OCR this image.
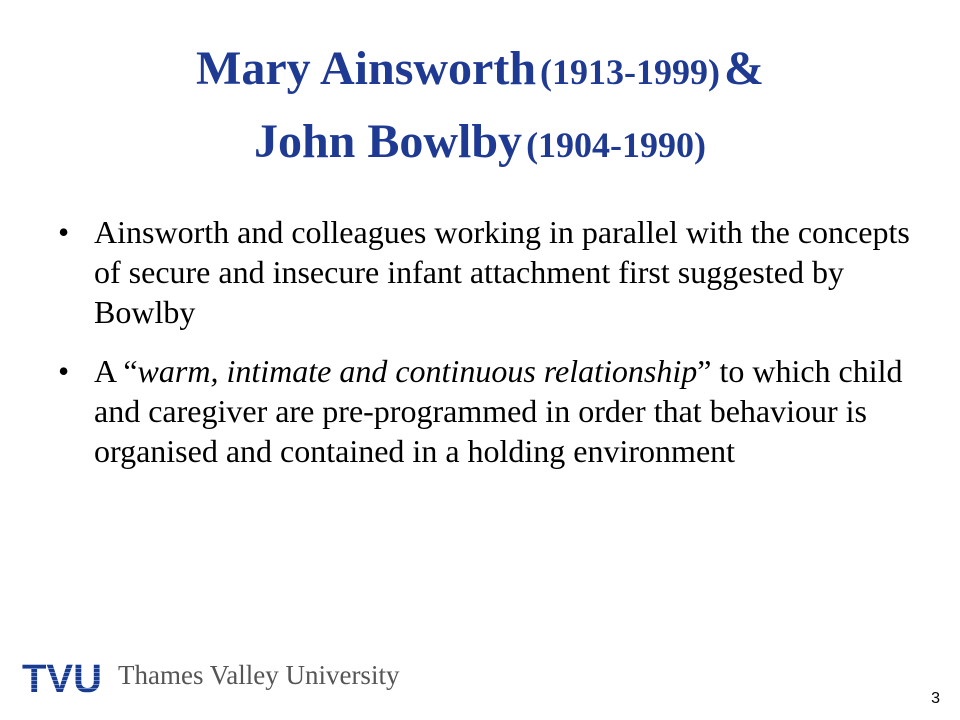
Mary Ainsworth (1913-1999) &
John Bowlby (1904-1990)
• Ainsworth and colleagues working in parallel with the concepts of secure and insecure infant attachment first suggested by Bowlby
• A “warm, intimate and continuous relationship” to which child and caregiver are pre-programmed in order that behaviour is organised and contained in a holding environment
TVU Thames Valley University
3
